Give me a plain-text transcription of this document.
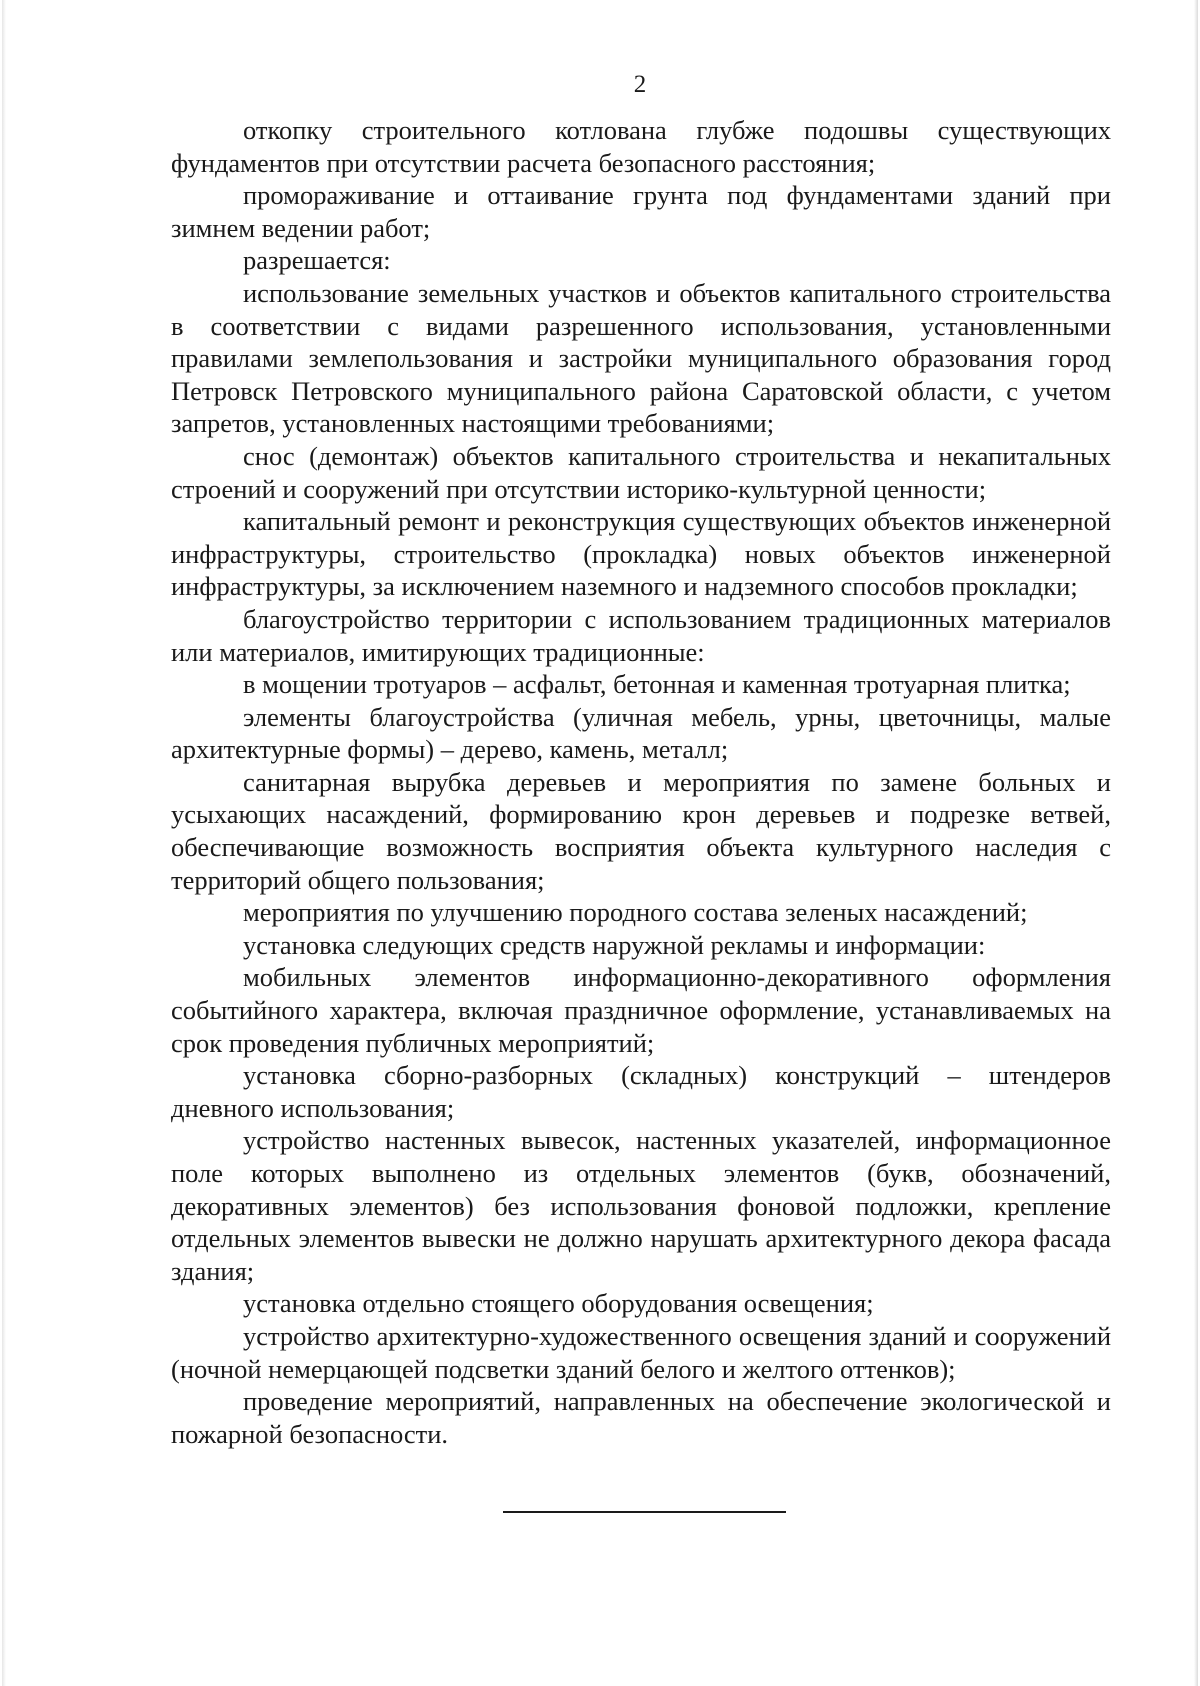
2

откопку строительного котлована глубже подошвы существующих фундаментов при отсутствии расчета безопасного расстояния;

промораживание и оттаивание грунта под фундаментами зданий при зимнем ведении работ;

разрешается:

использование земельных участков и объектов капитального строительства в соответствии с видами разрешенного использования, установленными правилами землепользования и застройки муниципального образования город Петровск Петровского муниципального района Саратовской области, с учетом запретов, установленных настоящими требованиями;

снос (демонтаж) объектов капитального строительства и некапитальных строений и сооружений при отсутствии историко-культурной ценности;

капитальный ремонт и реконструкция существующих объектов инженерной инфраструктуры, строительство (прокладка) новых объектов инженерной инфраструктуры, за исключением наземного и надземного способов прокладки;

благоустройство территории с использованием традиционных материалов или материалов, имитирующих традиционные:

в мощении тротуаров – асфальт, бетонная и каменная тротуарная плитка;

элементы благоустройства (уличная мебель, урны, цветочницы, малые архитектурные формы) – дерево, камень, металл;

санитарная вырубка деревьев и мероприятия по замене больных и усыхающих насаждений, формированию крон деревьев и подрезке ветвей, обеспечивающие возможность восприятия объекта культурного наследия с территорий общего пользования;

мероприятия по улучшению породного состава зеленых насаждений;

установка следующих средств наружной рекламы и информации:

мобильных элементов информационно-декоративного оформления событийного характера, включая праздничное оформление, устанавливаемых на срок проведения публичных мероприятий;

установка сборно-разборных (складных) конструкций – штендеров дневного использования;

устройство настенных вывесок, настенных указателей, информационное поле которых выполнено из отдельных элементов (букв, обозначений, декоративных элементов) без использования фоновой подложки, крепление отдельных элементов вывески не должно нарушать архитектурного декора фасада здания;

установка отдельно стоящего оборудования освещения;

устройство архитектурно-художественного освещения зданий и сооружений (ночной немерцающей подсветки зданий белого и желтого оттенков);

проведение мероприятий, направленных на обеспечение экологической и пожарной безопасности.
